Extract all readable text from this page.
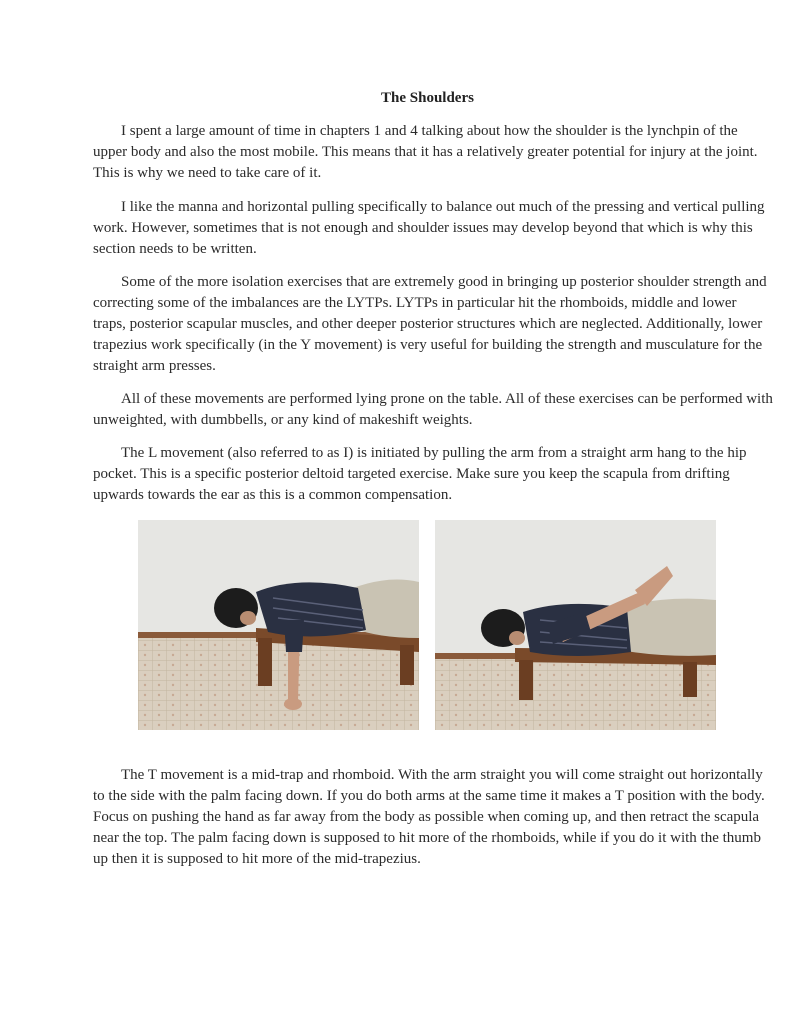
The Shoulders

I spent a large amount of time in chapters 1 and 4 talking about how the shoulder is the lynchpin of the upper body and also the most mobile. This means that it has a relatively greater potential for injury at the joint. This is why we need to take care of it.

I like the manna and horizontal pulling specifically to balance out much of the pressing and vertical pulling work. However, sometimes that is not enough and shoulder issues may develop beyond that which is why this section needs to be written.

Some of the more isolation exercises that are extremely good in bringing up posterior shoulder strength and correcting some of the imbalances are the LYTPs. LYTPs in particular hit the rhomboids, middle and lower traps, posterior scapular muscles, and other deeper posterior structures which are neglected. Additionally, lower trapezius work specifically (in the Y movement) is very useful for building the strength and musculature for the straight arm presses.

All of these movements are performed lying prone on the table. All of these exercises can be performed with unweighted, with dumbbells, or any kind of makeshift weights.

The L movement (also referred to as I) is initiated by pulling the arm from a straight arm hang to the hip pocket. This is a specific posterior deltoid targeted exercise. Make sure you keep the scapula from drifting upwards towards the ear as this is a common compensation.

The T movement is a mid-trap and rhomboid. With the arm straight you will come straight out horizontally to the side with the palm facing down. If you do both arms at the same time it makes a T position with the body. Focus on pushing the hand as far away from the body as possible when coming up, and then retract the scapula near the top. The palm facing down is supposed to hit more of the rhomboids, while if you do it with the thumb up then it is supposed to hit more of the mid-trapezius.
